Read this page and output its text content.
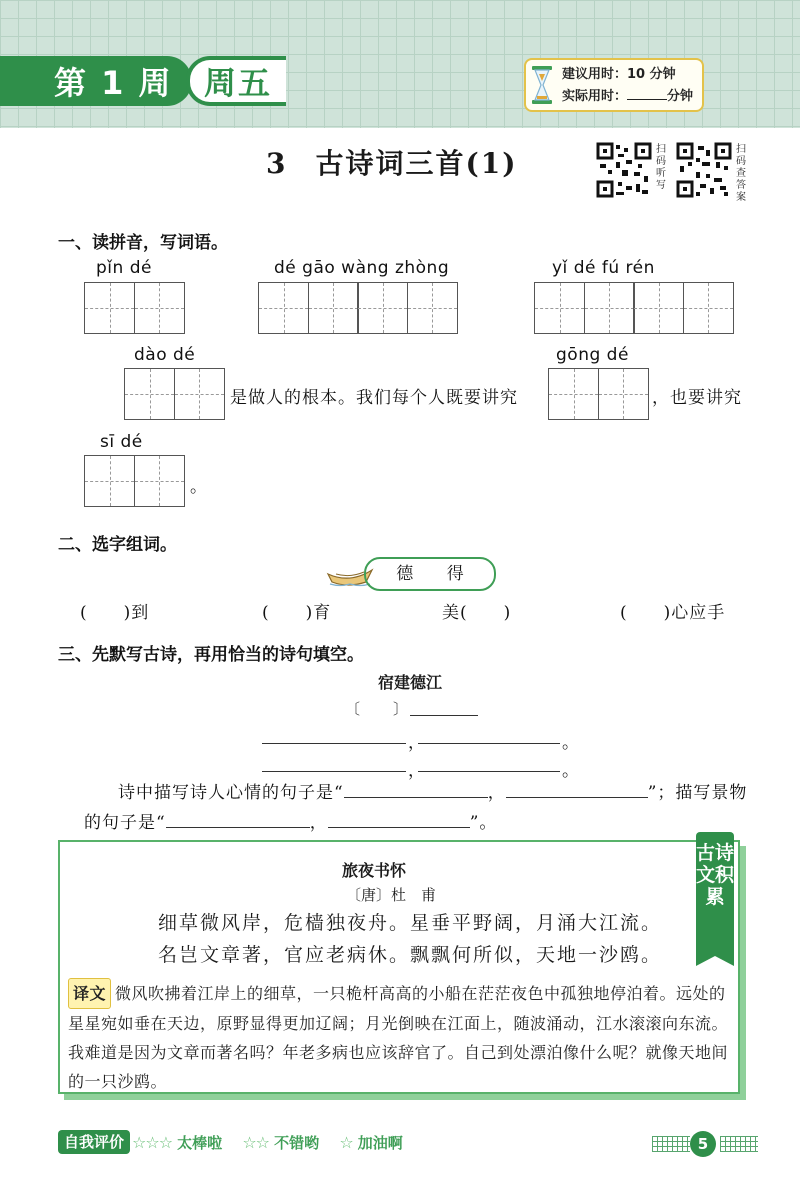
第 1 周 周五	建议用时：10 分钟
实际用时：	分钟
3 古诗词三首(1)	扫码听写
扫码查答案
一、读拼音，写词语。
pǐn dé	dé gāo wàng zhòng	yǐ dé fú rén
dào dé
是做人的根本。我们每个人既要讲究
gōng dé
，也要讲究
sī dé
。
二、选字组词。
德 得
(　　)到	(　　)育	美(　　)	(　　)心应手
三、先默写古诗，再用恰当的诗句填空。
宿建德江
〔　　〕
，	。
，	。
诗中描写诗人心情的句子是“	，	”；描写景物
的句子是“	，	”。
古诗文积累
旅夜书怀
〔唐〕杜　甫
细草微风岸，危樯独夜舟。星垂平野阔，月涌大江流。
名岂文章著，官应老病休。飘飘何所似，天地一沙鸥。
译文 微风吹拂着江岸上的细草，一只桅杆高高的小船在茫茫夜色中孤独地停泊着。远处的星星宛如垂在天边，原野显得更加辽阔；月光倒映在江面上，随波涌动，江水滚滚向东流。我难道是因为文章而著名吗？年老多病也应该辞官了。自己到处漂泊像什么呢？就像天地间的一只沙鸥。
自我评价 ☆☆☆ 太棒啦 ☆☆ 不错哟 ☆ 加油啊	5
